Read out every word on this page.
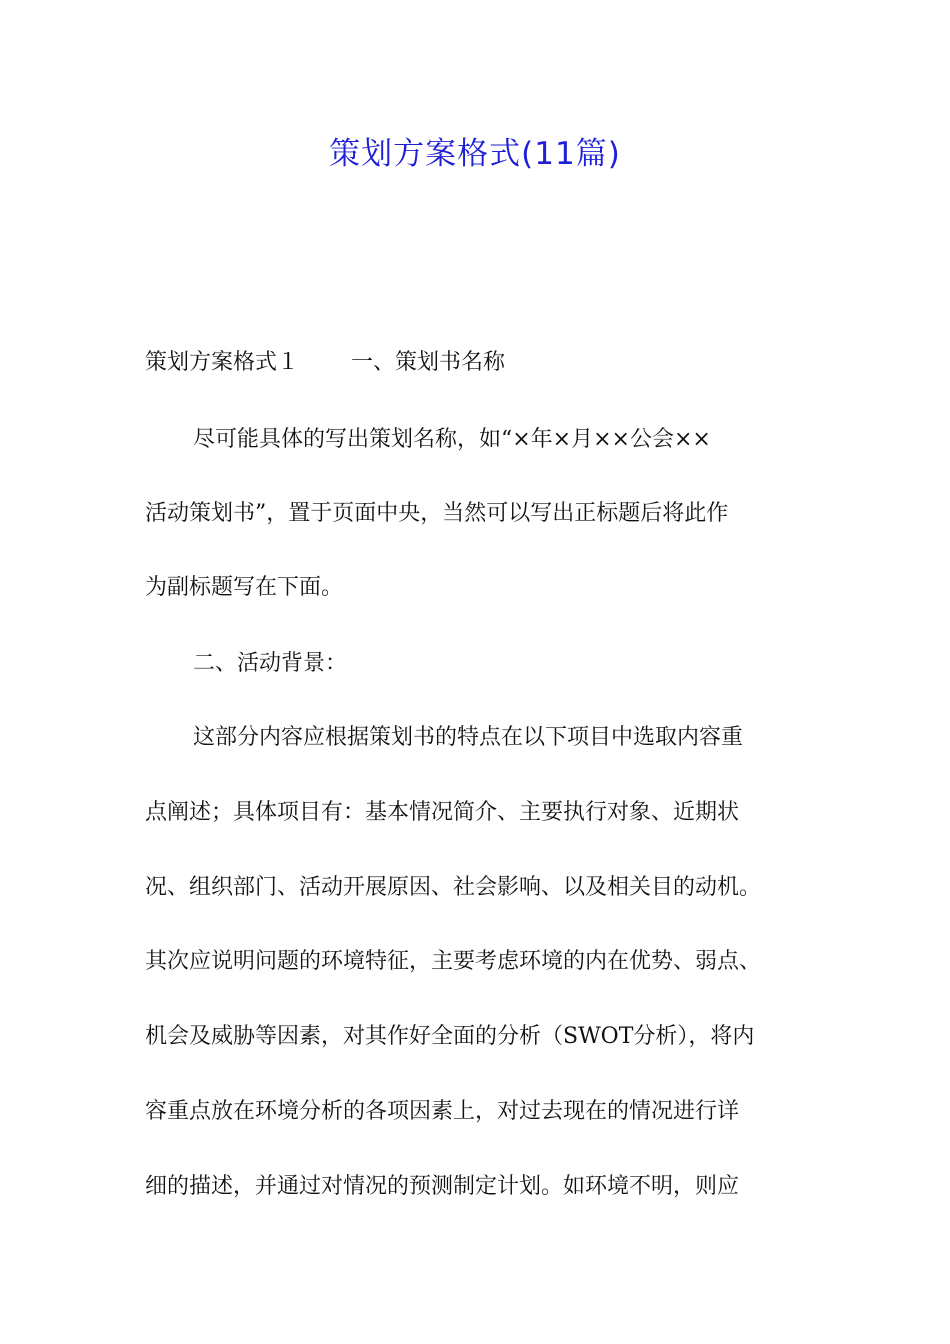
策划方案格式(11篇)

策划方案格式１ 一、策划书名称

尽可能具体的写出策划名称，如“×年×月××公会××

活动策划书”，置于页面中央，当然可以写出正标题后将此作

为副标题写在下面。

二、活动背景：

这部分内容应根据策划书的特点在以下项目中选取内容重

点阐述；具体项目有：基本情况简介、主要执行对象、近期状

况、组织部门、活动开展原因、社会影响、以及相关目的动机。

其次应说明问题的环境特征，主要考虑环境的内在优势、弱点、

机会及威胁等因素，对其作好全面的分析（SWOT分析），将内

容重点放在环境分析的各项因素上，对过去现在的情况进行详

细的描述，并通过对情况的预测制定计划。如环境不明，则应
